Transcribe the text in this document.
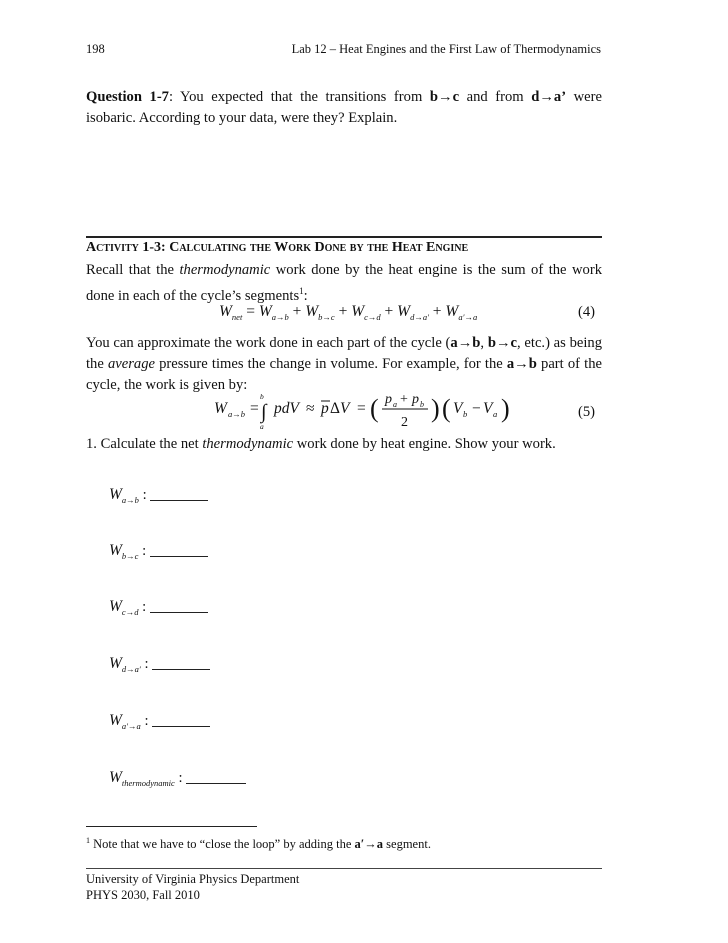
198	Lab 12 – Heat Engines and the First Law of Thermodynamics
Question 1-7: You expected that the transitions from b→c and from d→a’ were isobaric. According to your data, were they? Explain.
Activity 1-3: Calculating the Work Done by the Heat Engine
Recall that the thermodynamic work done by the heat engine is the sum of the work done in each of the cycle’s segments$^1$:
$W_{net} = W_{a\to b} + W_{b\to c} + W_{c\to d} + W_{d\to a'} + W_{a'\to a}$	(4)
You can approximate the work done in each part of the cycle (a→b, b→c, etc.) as being the average pressure times the change in volume. For example, for the a→b part of the cycle, the work is given by:
W a→b =
b
∫
a
pdV ≈ p ΔV = ( p a + p b
2 ) ( V b − V a )	(5)
1. Calculate the net thermodynamic work done by heat engine. Show your work.
$W_{a\to b}$ :
$W_{b\to c}$ :
$W_{c\to d}$ :
$W_{d\to a'}$ :
$W_{a'\to a}$ :
$W_{thermodynamic}$ :
$^1$ Note that we have to “close the loop” by adding the a′→a segment.
University of Virginia Physics Department
PHYS 2030, Fall 2010
